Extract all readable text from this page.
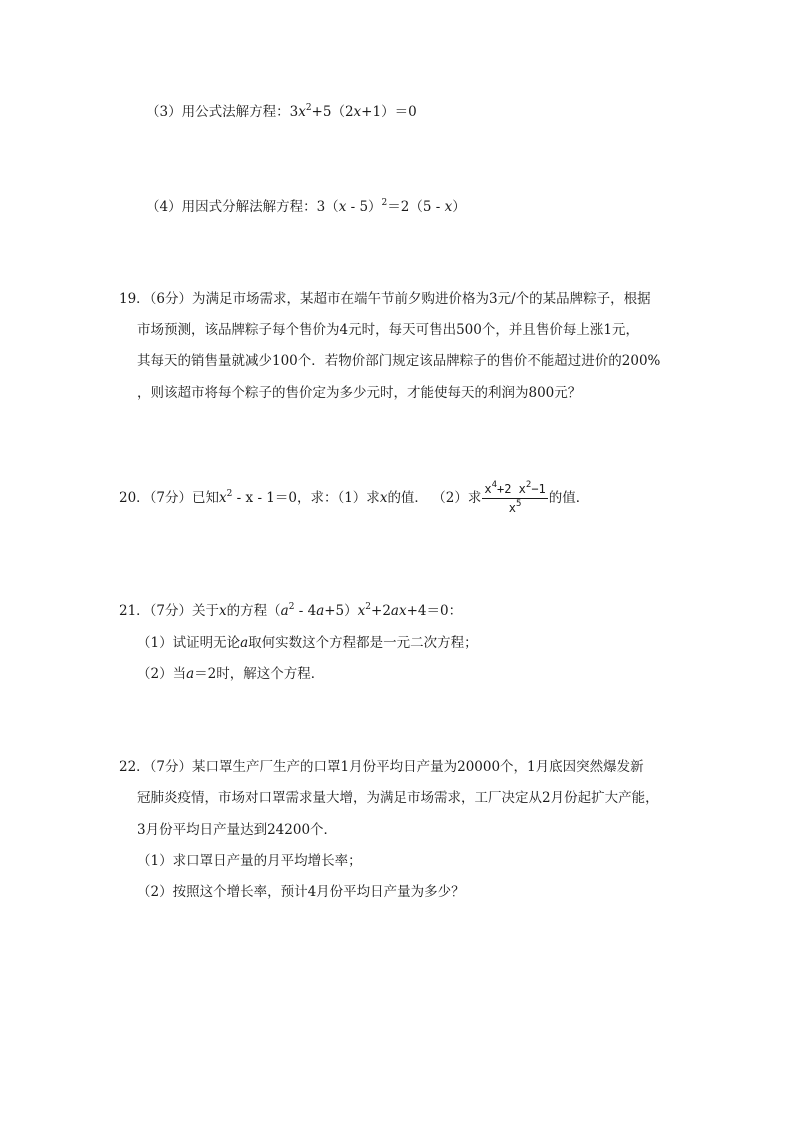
（3）用公式法解方程：$3x^2+5(2x+1)=0$
（4）用因式分解法解方程：3（x - 5）$^2$＝2（5 - x）
19．（6分）为满足市场需求，某超市在端午节前夕购进价格为3元/个的某品牌粽子，根据
市场预测，该品牌粽子每个售价为4元时，每天可售出500个，并且售价每上涨1元，
其每天的销售量就减少100个．若物价部门规定该品牌粽子的售价不能超过进价的200%
，则该超市将每个粽子的售价定为多少元时，才能使每天的利润为800元？
20．（7分）已知$x^2 - x - 1=0$，求：（1）求x的值． （2）求 $\frac{x^4+2 x^2-1}{x^5}$ 的值．
21．（7分）关于x的方程$(a^2 - 4a+5)x^2+2ax+4=0$：
（1）试证明无论a取何实数这个方程都是一元二次方程；
（2）当a＝2时，解这个方程．
22．（7分）某口罩生产厂生产的口罩1月份平均日产量为20000个，1月底因突然爆发新
冠肺炎疫情，市场对口罩需求量大增，为满足市场需求，工厂决定从2月份起扩大产能，
3月份平均日产量达到24200个．
（1）求口罩日产量的月平均增长率；
（2）按照这个增长率，预计4月份平均日产量为多少？
